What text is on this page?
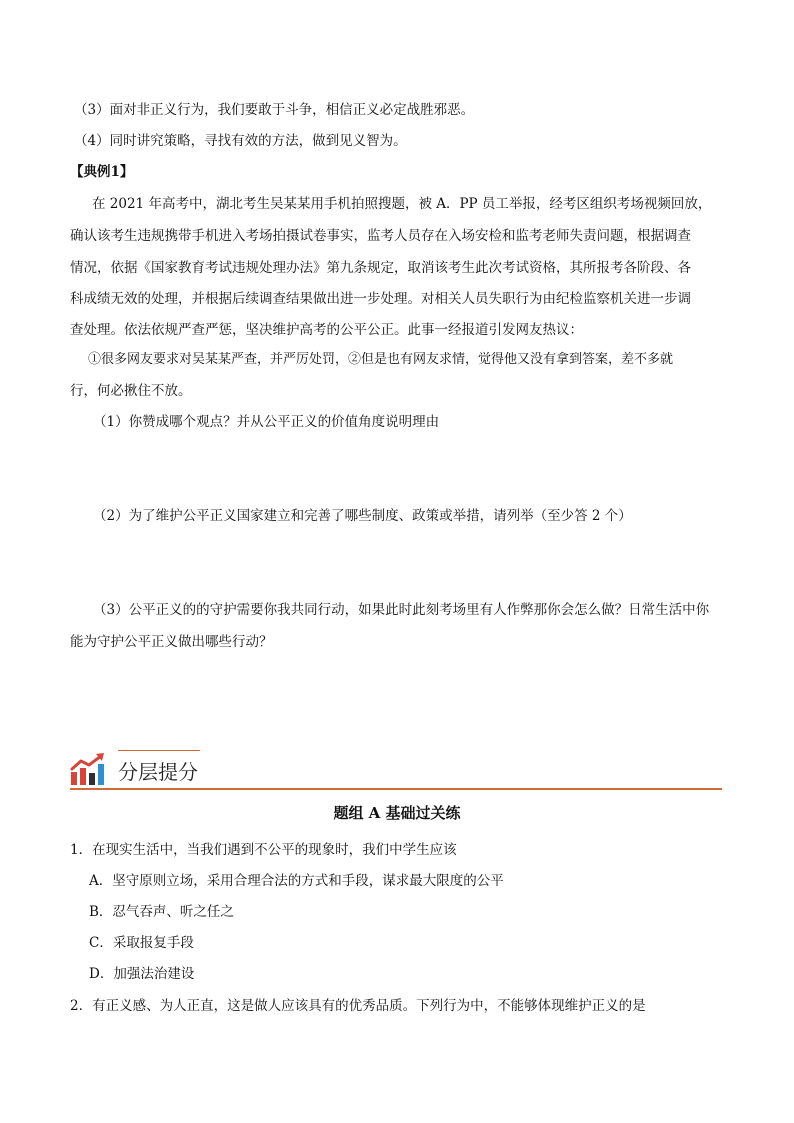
（3）面对非正义行为，我们要敢于斗争，相信正义必定战胜邪恶。
（4）同时讲究策略，寻找有效的方法，做到见义智为。
【典例1】
在 2021 年高考中，湖北考生吴某某用手机拍照搜题，被 A．PP 员工举报，经考区组织考场视频回放，
确认该考生违规携带手机进入考场拍摄试卷事实，监考人员存在入场安检和监考老师失责问题，根据调查
情况，依据《国家教育考试违规处理办法》第九条规定，取消该考生此次考试资格，其所报考各阶段、各
科成绩无效的处理，并根据后续调查结果做出进一步处理。对相关人员失职行为由纪检监察机关进一步调
查处理。依法依规严查严惩，坚决维护高考的公平公正。此事一经报道引发网友热议：
①很多网友要求对吴某某严查，并严厉处罚，②但是也有网友求情，觉得他又没有拿到答案，差不多就
行，何必揪住不放。
（1）你赞成哪个观点？并从公平正义的价值角度说明理由
（2）为了维护公平正义国家建立和完善了哪些制度、政策或举措，请列举（至少答 2 个）
（3）公平正义的的守护需要你我共同行动，如果此时此刻考场里有人作弊那你会怎么做？日常生活中你
能为守护公平正义做出哪些行动？
分层提分
题组 A 基础过关练
1．在现实生活中，当我们遇到不公平的现象时，我们中学生应该
A．坚守原则立场，采用合理合法的方式和手段，谋求最大限度的公平
B．忍气吞声、听之任之
C．采取报复手段
D．加强法治建设
2．有正义感、为人正直，这是做人应该具有的优秀品质。下列行为中，不能够体现维护正义的是
